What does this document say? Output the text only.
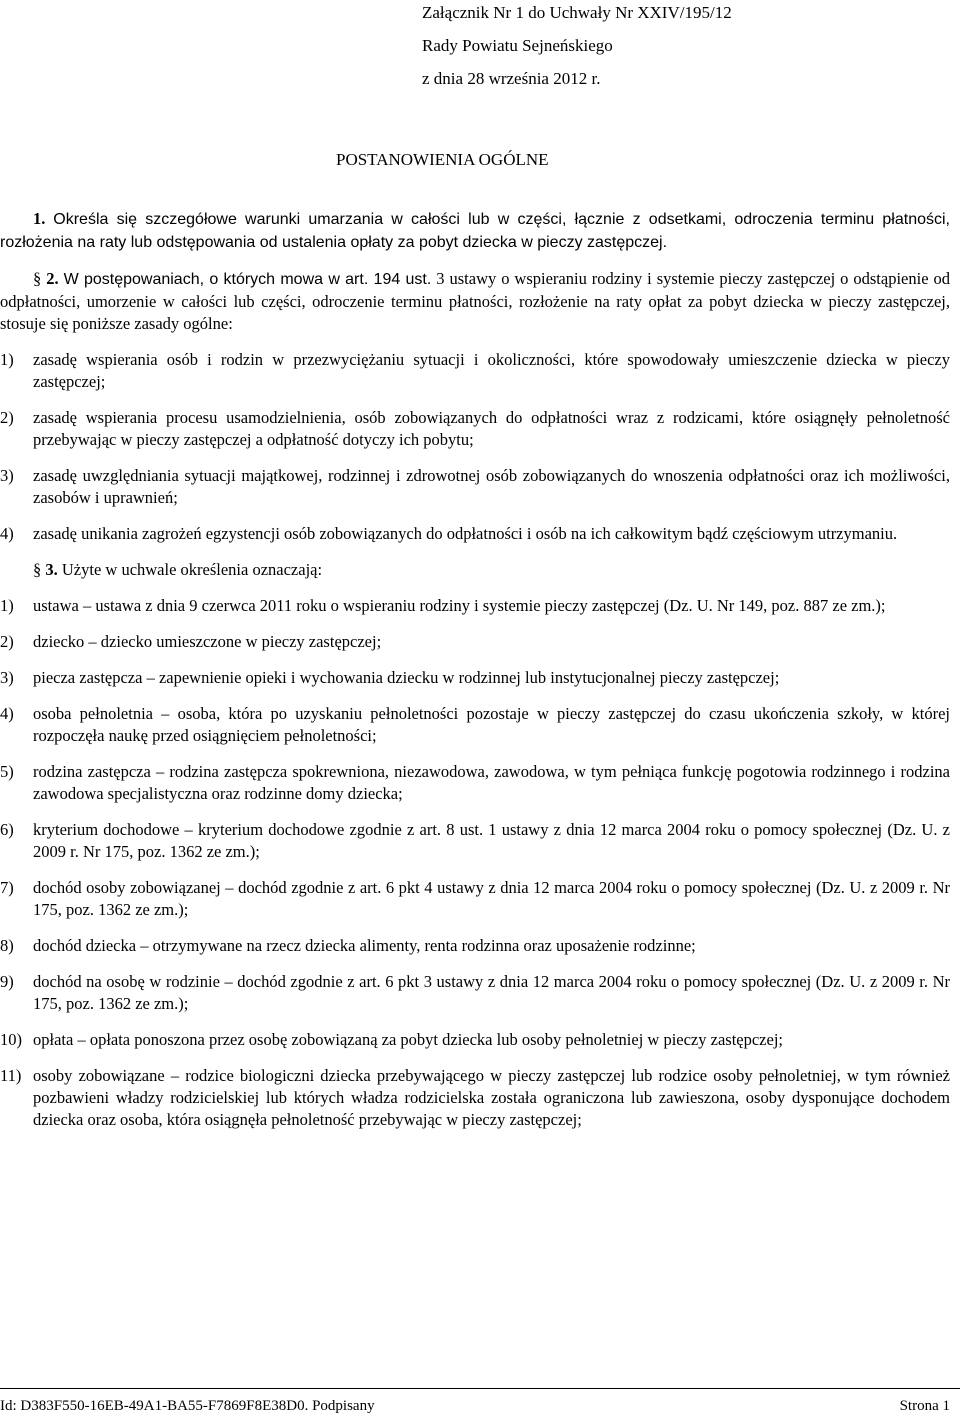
Załącznik Nr 1 do Uchwały Nr XXIV/195/12
Rady Powiatu Sejneńskiego
z dnia 28 września 2012 r.
POSTANOWIENIA OGÓLNE

1. Określa się szczegółowe warunki umarzania w całości lub w części, łącznie z odsetkami, odroczenia terminu płatności, rozłożenia na raty lub odstępowania od ustalenia opłaty za pobyt dziecka w pieczy zastępczej.

§ 2. W postępowaniach, o których mowa w art. 194 ust. 3 ustawy o wspieraniu rodziny i systemie pieczy zastępczej o odstąpienie od odpłatności, umorzenie w całości lub części, odroczenie terminu płatności, rozłożenie na raty opłat za pobyt dziecka w pieczy zastępczej, stosuje się poniższe zasady ogólne:

1) zasadę wspierania osób i rodzin w przezwyciężaniu sytuacji i okoliczności, które spowodowały umieszczenie dziecka w pieczy zastępczej;
2) zasadę wspierania procesu usamodzielnienia, osób zobowiązanych do odpłatności wraz z rodzicami, które osiągnęły pełnoletność przebywając w pieczy zastępczej a odpłatność dotyczy ich pobytu;
3) zasadę uwzględniania sytuacji majątkowej, rodzinnej i zdrowotnej osób zobowiązanych do wnoszenia odpłatności oraz ich możliwości, zasobów i uprawnień;
4) zasadę unikania zagrożeń egzystencji osób zobowiązanych do odpłatności i osób na ich całkowitym bądź częściowym utrzymaniu.

§ 3. Użyte w uchwale określenia oznaczają:

1) ustawa – ustawa z dnia 9 czerwca 2011 roku o wspieraniu rodziny i systemie pieczy zastępczej (Dz. U. Nr 149, poz. 887 ze zm.);
2) dziecko – dziecko umieszczone w pieczy zastępczej;
3) piecza zastępcza – zapewnienie opieki i wychowania dziecku w rodzinnej lub instytucjonalnej pieczy zastępczej;
4) osoba pełnoletnia – osoba, która po uzyskaniu pełnoletności pozostaje w pieczy zastępczej do czasu ukończenia szkoły, w której rozpoczęła naukę przed osiągnięciem pełnoletności;
5) rodzina zastępcza – rodzina zastępcza spokrewniona, niezawodowa, zawodowa, w tym pełniąca funkcję pogotowia rodzinnego i rodzina zawodowa specjalistyczna oraz rodzinne domy dziecka;
6) kryterium dochodowe – kryterium dochodowe zgodnie z art. 8 ust. 1 ustawy z dnia 12 marca 2004 roku o pomocy społecznej (Dz. U. z 2009 r. Nr 175, poz. 1362 ze zm.);
7) dochód osoby zobowiązanej – dochód zgodnie z art. 6 pkt 4 ustawy z dnia 12 marca 2004 roku o pomocy społecznej (Dz. U. z 2009 r. Nr 175, poz. 1362 ze zm.);
8) dochód dziecka – otrzymywane na rzecz dziecka alimenty, renta rodzinna oraz uposażenie rodzinne;
9) dochód na osobę w rodzinie – dochód zgodnie z art. 6 pkt 3 ustawy z dnia 12 marca 2004 roku o pomocy społecznej (Dz. U. z 2009 r. Nr 175, poz. 1362 ze zm.);
10) opłata – opłata ponoszona przez osobę zobowiązaną za pobyt dziecka lub osoby pełnoletniej w pieczy zastępczej;
11) osoby zobowiązane – rodzice biologiczni dziecka przebywającego w pieczy zastępczej lub rodzice osoby pełnoletniej, w tym również pozbawieni władzy rodzicielskiej lub których władza rodzicielska została ograniczona lub zawieszona, osoby dysponujące dochodem dziecka oraz osoba, która osiągnęła pełnoletność przebywając w pieczy zastępczej;
Id: D383F550-16EB-49A1-BA55-F7869F8E38D0. Podpisany	Strona 1
